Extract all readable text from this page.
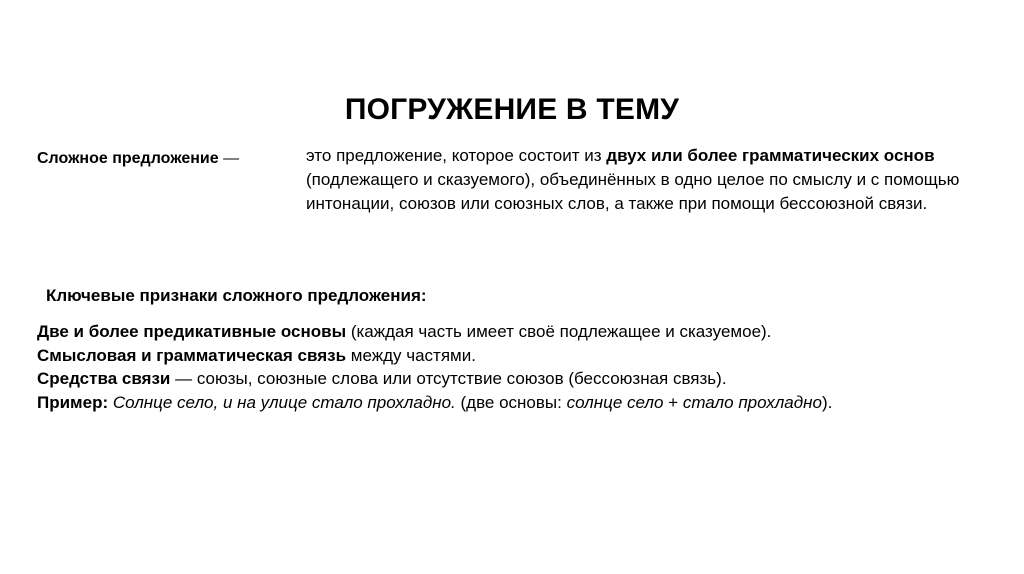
ПОГРУЖЕНИЕ В ТЕМУ
Сложное предложение —	это предложение, которое состоит из двух или более грамматических основ (подлежащего и сказуемого), объединённых в одно целое по смыслу и с помощью интонации, союзов или союзных слов, а также при помощи бессоюзной связи.
Ключевые признаки сложного предложения:
Две и более предикативные основы (каждая часть имеет своё подлежащее и сказуемое).
Смысловая и грамматическая связь между частями.
Средства связи — союзы, союзные слова или отсутствие союзов (бессоюзная связь).
Пример: Солнце село, и на улице стало прохладно. (две основы: солнце село + стало прохладно).
